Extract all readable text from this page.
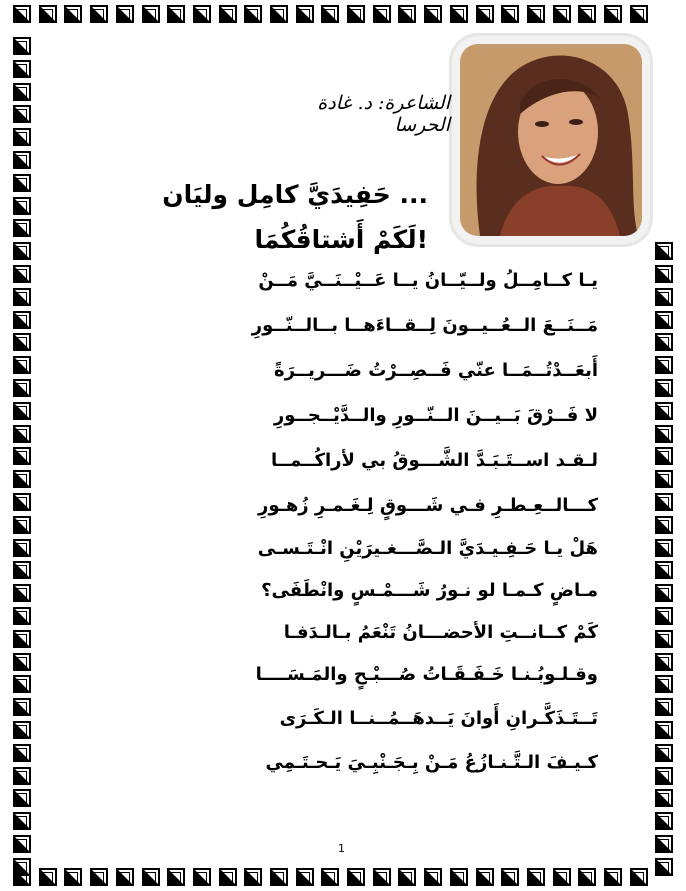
الشاعرة: د. غادة الحرسا
حَفِيدَيَّ كامِل وليَان ...
لَكَمْ أَشتاقُكُمَا!
يـا كــامِــلُ ولــيّــانُ يــا عَــيْــنَــيَّ مَــنْ
مَــنَــعَ الــعُــيــونَ لِــقــاءَهــا بــالــنّــورِ
أَبعَــدْتُــمَــا عنّي فَــصِــرْتُ ضَـــريــرَةً
لا فَــرْقَ بَــيــنَ الــنّــورِ والــدَّيْــجــورِ
لـقـد اســتَـبَـدَّ الشَّـــوقُ بي لأراكُــمــا
كـــالــعِـطـرِ فـي شَـــوقٍ لِـغَـمـرِ زُهـورِ
هَلْ يـا حَـفِـيـدَيَّ الـصَّـــغـيرَيْنِ انْـتَـسـى
مـاضٍ كـمـا لو نـورُ شَـــمْـسٍ وانْطَفَى؟
كَمْ كــانــتِ الأحضـــانُ تَنْعَمُ بـالـدَفـا
وقـلـوبُـنـا خَـفَـقَـاتُ صُـــبْـحٍ والمَـسَــــا
تَــتَـذَكَّـرانِ أَوانَ يَــدهَــمُــنــا الـكَـرَى
كـيـفَ الـتَّـنـازُعُ مَـنْ بِـجَـنْبِـيَ يَـحـتَـمِي
1
